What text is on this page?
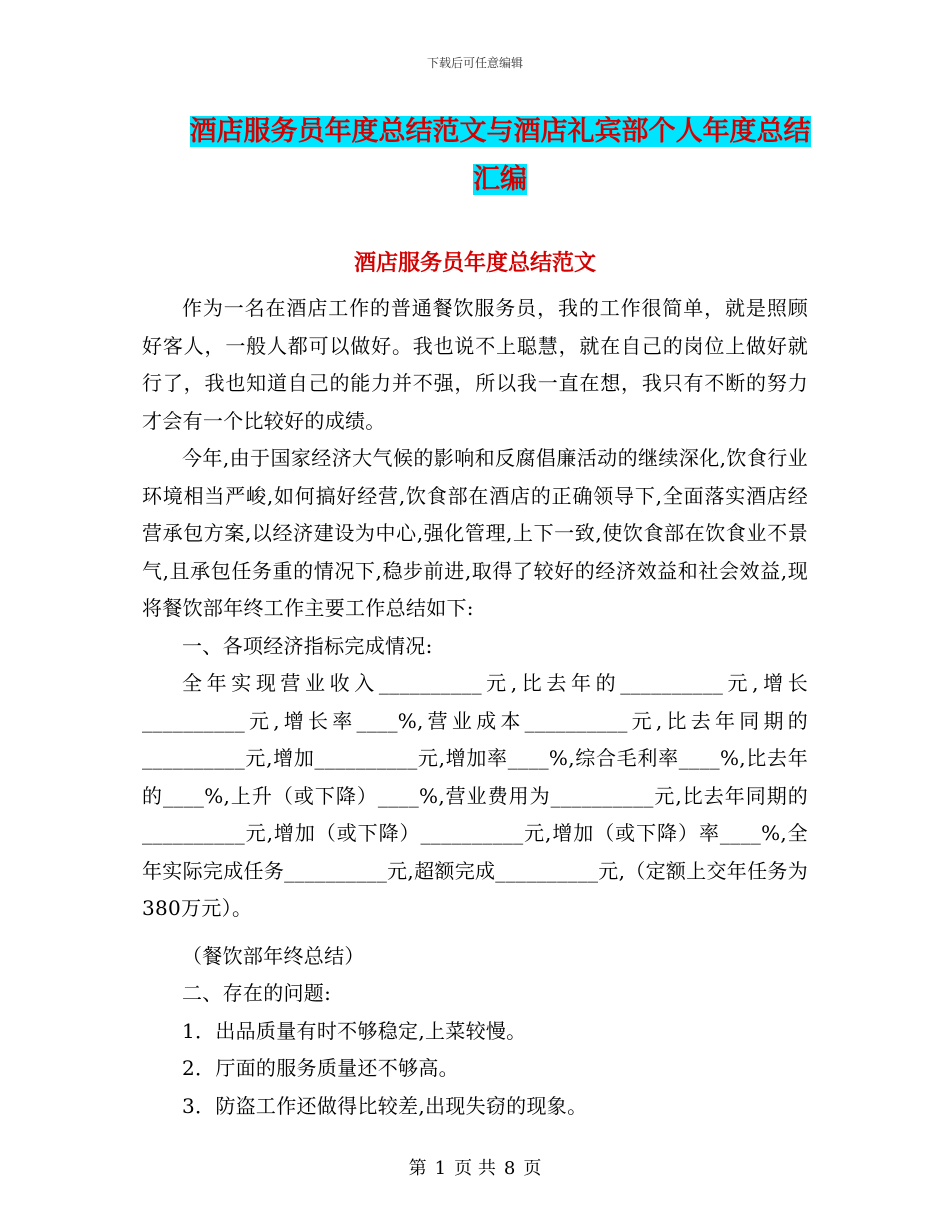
下载后可任意编辑
酒店服务员年度总结范文与酒店礼宾部个人年度总结汇编
酒店服务员年度总结范文

作为一名在酒店工作的普通餐饮服务员，我的工作很简单，就是照顾好客人，一般人都可以做好。我也说不上聪慧，就在自己的岗位上做好就行了，我也知道自己的能力并不强，所以我一直在想，我只有不断的努力才会有一个比较好的成绩。

今年,由于国家经济大气候的影响和反腐倡廉活动的继续深化,饮食行业环境相当严峻,如何搞好经营,饮食部在酒店的正确领导下,全面落实酒店经营承包方案,以经济建设为中心,强化管理,上下一致,使饮食部在饮食业不景气,且承包任务重的情况下,稳步前进,取得了较好的经济效益和社会效益,现将餐饮部年终工作主要工作总结如下:

一、各项经济指标完成情况:

全年实现营业收入__________元,比去年的__________元,增长__________元,增长率____%,营业成本__________元,比去年同期的__________元,增加__________元,增加率____%,综合毛利率____%,比去年的____%,上升（或下降）____%,营业费用为__________元,比去年同期的__________元,增加（或下降）__________元,增加（或下降）率____%,全年实际完成任务__________元,超额完成__________元,（定额上交年任务为380万元）。

（餐饮部年终总结）

二、存在的问题:

1．出品质量有时不够稳定,上菜较慢。

2．厅面的服务质量还不够高。

3．防盗工作还做得比较差,出现失窃的现象。

第 1 页 共 8 页
